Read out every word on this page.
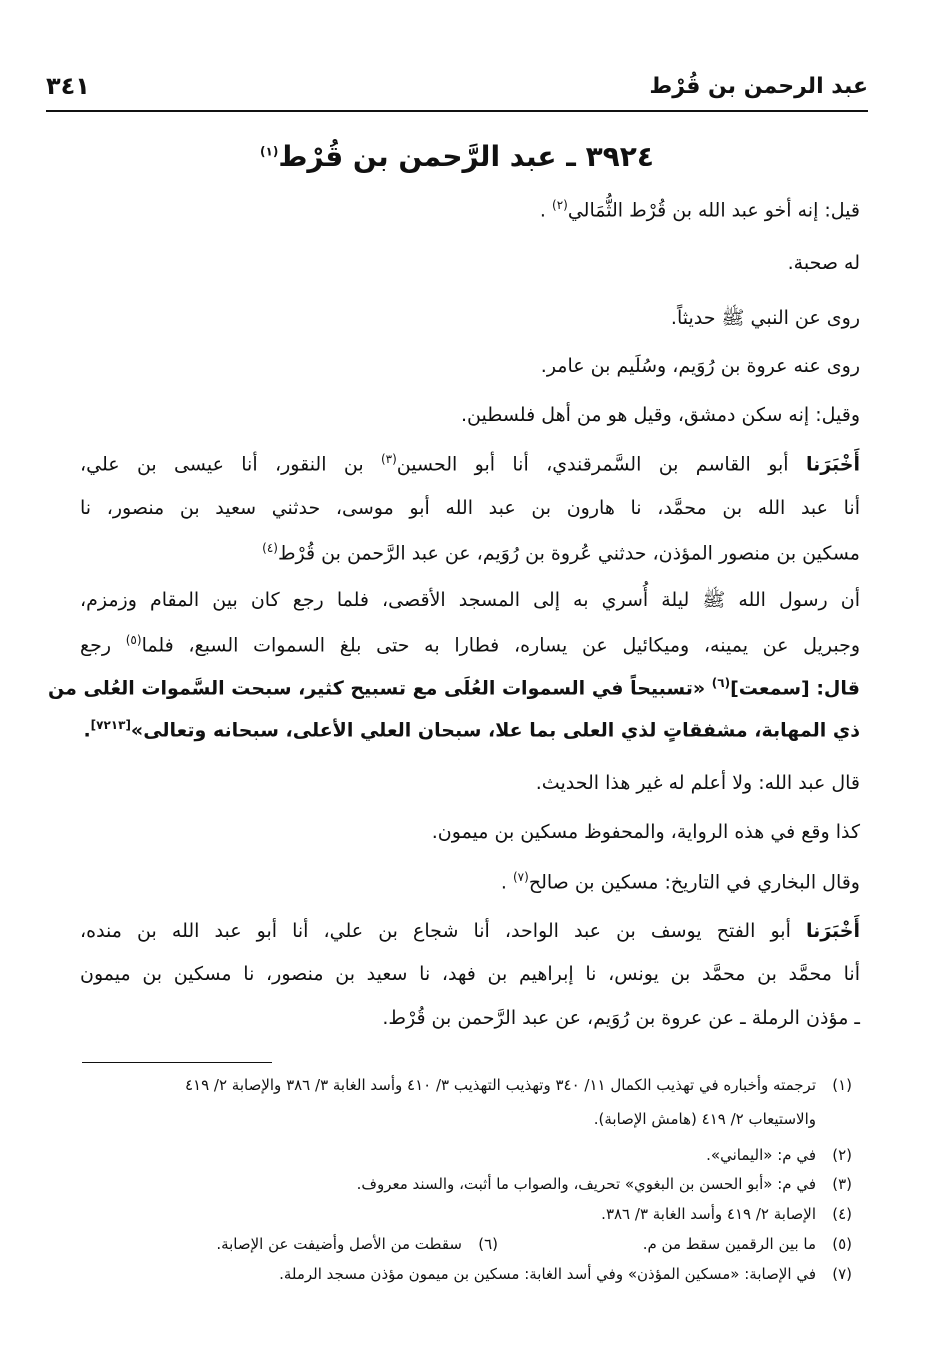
عبد الرحمن بن قُرْط
٣٤١
٣٩٢٤ ـ عبد الرَّحمن بن قُرْط$^{(١)}$
قيل: إنه أخو عبد الله بن قُرْط الثُّمَالي$^{(٢)}$ .
له صحبة.
روى عن النبي ﷺ حديثاً.
روى عنه عروة بن رُوَيم، وسُلَيم بن عامر.
وقيل: إنه سكن دمشق، وقيل هو من أهل فلسطين.
أَخْبَرَنا أبو القاسم بن السَّمرقندي، أنا أبو الحسين$^{(٣)}$ بن النقور، أنا عيسى بن علي،
أنا عبد الله بن محمَّد، نا هارون بن عبد الله أبو موسى، حدثني سعيد بن منصور، نا
مسكين بن منصور المؤذن، حدثني عُروة بن رُوَيم، عن عبد الرَّحمن بن قُرْط$^{(٤)}$
أن رسول الله ﷺ ليلة أُسري به إلى المسجد الأقصى، فلما رجع كان بين المقام وزمزم،
وجبريل عن يمينه، وميكائيل عن يساره، فطارا به حتى بلغ السموات السبع، فلما$^{(٥)}$ رجع
قال: [سمعت]$^{(٦)}$ «تسبيحاً في السموات العُلَى مع تسبيح كثير، سبحت السَّموات العُلى من
ذي المهابة، مشفقاتٍ لذي العلى بما علا، سبحان العلي الأعلى، سبحانه وتعالى»[٧٢١٣].
قال عبد الله: ولا أعلم له غير هذا الحديث.
كذا وقع في هذه الرواية، والمحفوظ مسكين بن ميمون.
وقال البخاري في التاريخ: مسكين بن صالح$^{(٧)}$ .
أَخْبَرَنا أبو الفتح يوسف بن عبد الواحد، أنا شجاع بن علي، أنا أبو عبد الله بن منده،
أنا محمَّد بن محمَّد بن يونس، نا إبراهيم بن فهد، نا سعيد بن منصور، نا مسكين بن ميمون
ـ مؤذن الرملة ـ عن عروة بن رُوَيم، عن عبد الرَّحمن بن قُرْط.
(١)ترجمته وأخباره في تهذيب الكمال ١١/ ٣٤٠ وتهذيب التهذيب ٣/ ٤١٠ وأسد الغابة ٣/ ٣٨٦ والإصابة ٢/ ٤١٩
والاستيعاب ٢/ ٤١٩ (هامش الإصابة).
(٢)في م: «اليماني».
(٣)في م: «أبو الحسن بن البغوي» تحريف، والصواب ما أثبت، والسند معروف.
(٤)الإصابة ٢/ ٤١٩ وأسد الغابة ٣/ ٣٨٦.
(٥)ما بين الرقمين سقط من م.
(٦)سقطت من الأصل وأضيفت عن الإصابة.
(٧)في الإصابة: «مسكين المؤذن» وفي أسد الغابة: مسكين بن ميمون مؤذن مسجد الرملة.
